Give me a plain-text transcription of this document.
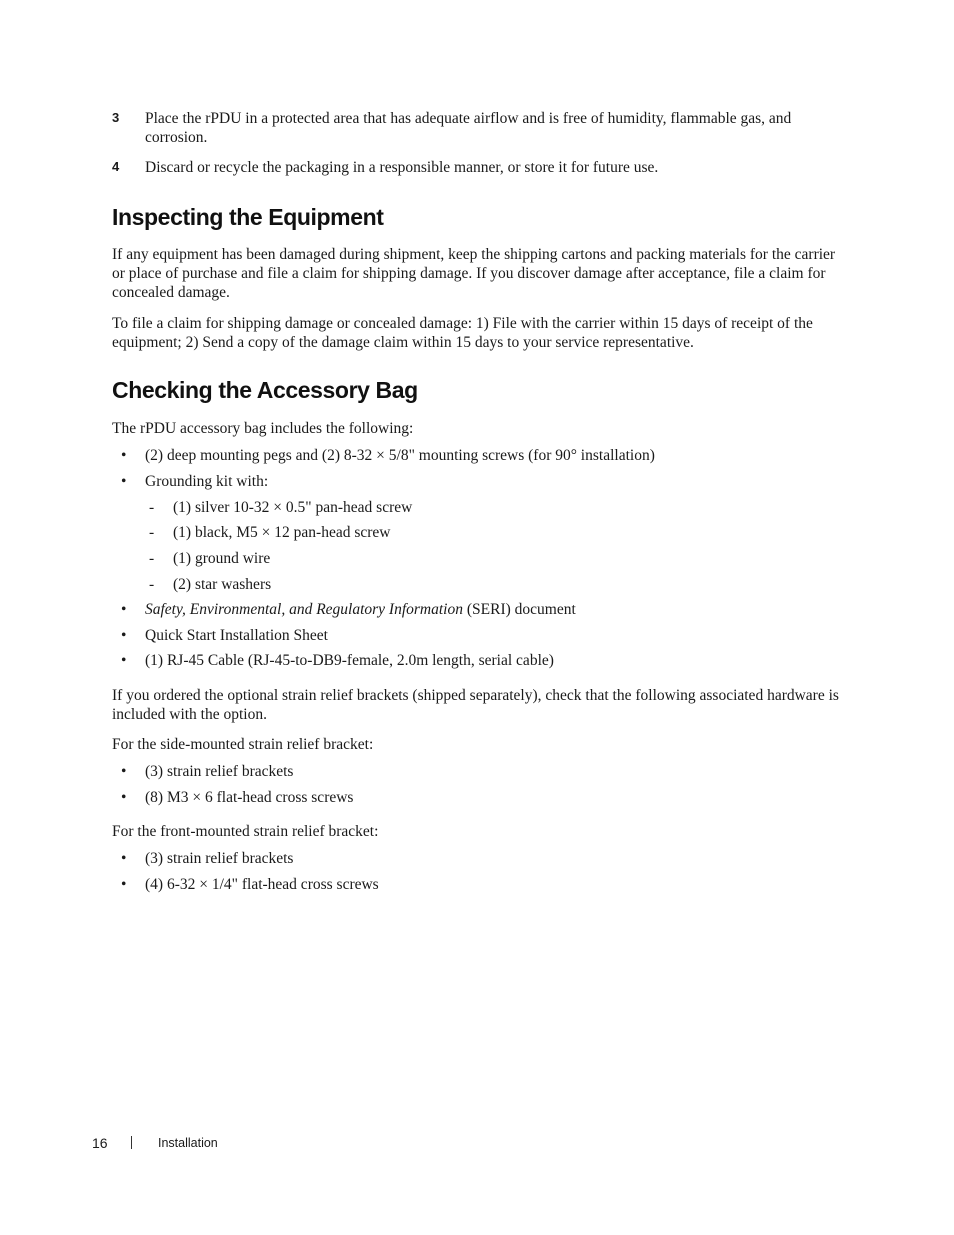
3 Place the rPDU in a protected area that has adequate airflow and is free of humidity, flammable gas, and corrosion.
4 Discard or recycle the packaging in a responsible manner, or store it for future use.
Inspecting the Equipment
If any equipment has been damaged during shipment, keep the shipping cartons and packing materials for the carrier or place of purchase and file a claim for shipping damage. If you discover damage after acceptance, file a claim for concealed damage.
To file a claim for shipping damage or concealed damage: 1) File with the carrier within 15 days of receipt of the equipment; 2) Send a copy of the damage claim within 15 days to your service representative.
Checking the Accessory Bag
The rPDU accessory bag includes the following:
• (2) deep mounting pegs and (2) 8-32 × 5/8" mounting screws (for 90° installation)
• Grounding kit with:
- (1) silver 10-32 × 0.5" pan-head screw
- (1) black, M5 × 12 pan-head screw
- (1) ground wire
- (2) star washers
• Safety, Environmental, and Regulatory Information (SERI) document
• Quick Start Installation Sheet
• (1) RJ-45 Cable (RJ-45-to-DB9-female, 2.0m length, serial cable)
If you ordered the optional strain relief brackets (shipped separately), check that the following associated hardware is included with the option.
For the side-mounted strain relief bracket:
• (3) strain relief brackets
• (8) M3 × 6 flat-head cross screws
For the front-mounted strain relief bracket:
• (3) strain relief brackets
• (4) 6-32 × 1/4" flat-head cross screws
16	Installation
